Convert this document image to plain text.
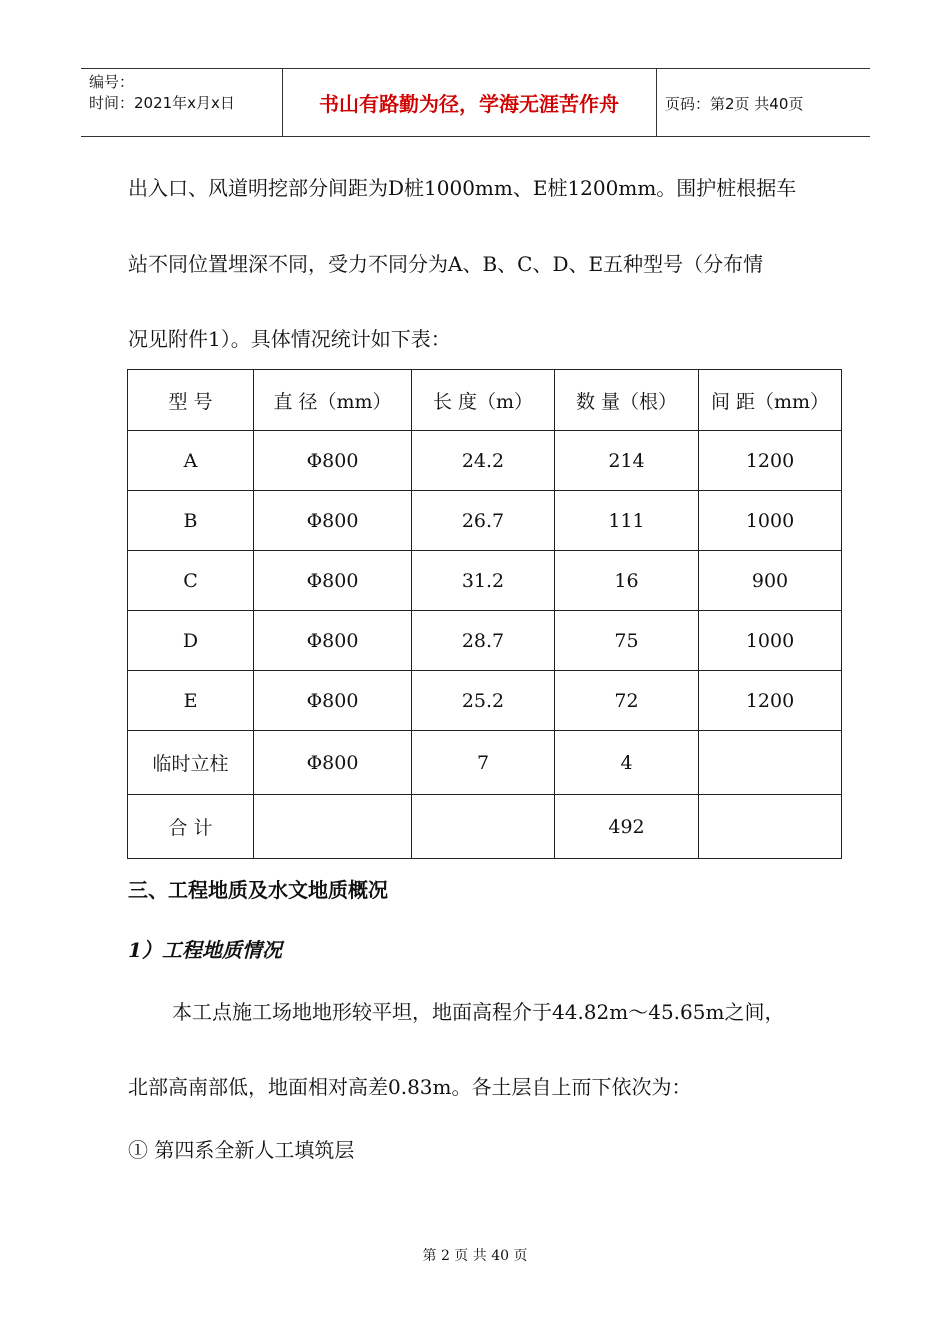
编号：
时间：2021年x月x日	书山有路勤为径，学海无涯苦作舟	页码：第2页 共40页
出入口、风道明挖部分间距为D桩1000mm、E桩1200mm。围护桩根据车
站不同位置埋深不同，受力不同分为A、B、C、D、E五种型号（分布情
况见附件1）。具体情况统计如下表：
型 号	直 径（mm）	长 度（m）	数 量（根）	间 距（mm）
A	Φ800	24.2	214	1200
B	Φ800	26.7	111	1000
C	Φ800	31.2	16	900
D	Φ800	28.7	75	1000
E	Φ800	25.2	72	1200
临时立柱	Φ800	7	4	
合 计			492	
三、工程地质及水文地质概况
1）工程地质情况
本工点施工场地地形较平坦，地面高程介于44.82m～45.65m之间，
北部高南部低，地面相对高差0.83m。各土层自上而下依次为：
① 第四系全新人工填筑层
第 2 页 共 40 页
